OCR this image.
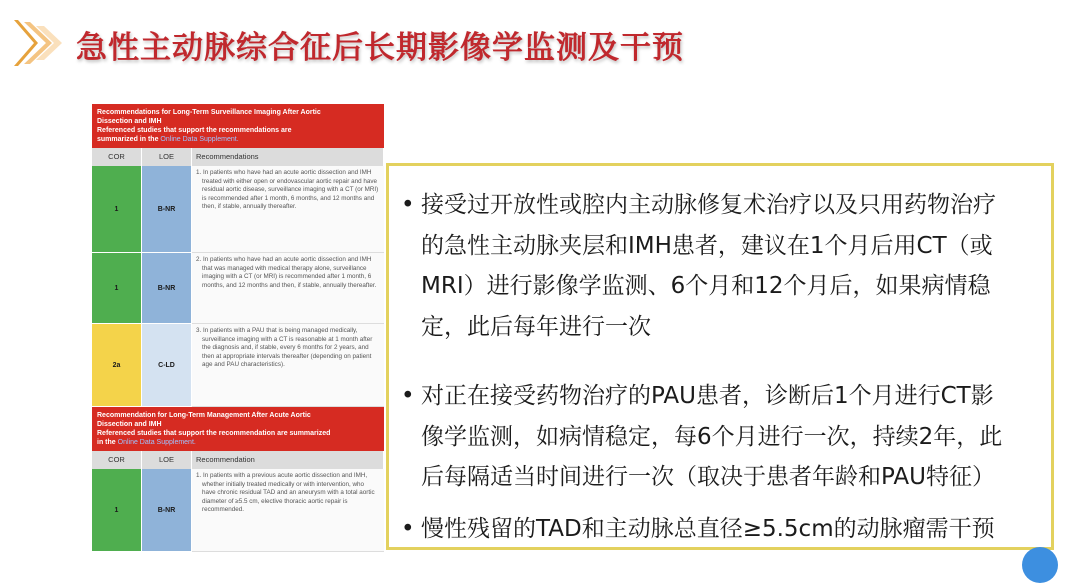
急性主动脉综合征后长期影像学监测及干预
Recommendations for Long-Term Surveillance Imaging After Aortic
Dissection and IMH
Referenced studies that support the recommendations are
summarized in the Online Data Supplement.
COR	LOE	Recommendations
1	B-NR
1. In patients who have had an acute aortic dissection and IMH treated with either open or endovascular aortic repair and have residual aortic disease, surveillance imaging with a CT (or MRI) is recommended after 1 month, 6 months, and 12 months and then, if stable, annually thereafter.
1	B-NR
2. In patients who have had an acute aortic dissection and IMH that was managed with medical therapy alone, surveillance imaging with a CT (or MRI) is recommended after 1 month, 6 months, and 12 months and then, if stable, annually thereafter.
2a	C-LD
3. In patients with a PAU that is being managed medically, surveillance imaging with a CT is reasonable at 1 month after the diagnosis and, if stable, every 6 months for 2 years, and then at appropriate intervals thereafter (depending on patient age and PAU characteristics).
Recommendation for Long-Term Management After Acute Aortic
Dissection and IMH
Referenced studies that support the recommendation are summarized
in the Online Data Supplement.
COR	LOE	Recommendation
1	B-NR
1. In patients with a previous acute aortic dissection and IMH, whether initially treated medically or with intervention, who have chronic residual TAD and an aneurysm with a total aortic diameter of ≥5.5 cm, elective thoracic aortic repair is recommended.
• 接受过开放性或腔内主动脉修复术治疗以及只用药物治疗
的急性主动脉夹层和IMH患者，建议在1个月后用CT（或
MRI）进行影像学监测、6个月和12个月后，如果病情稳
定，此后每年进行一次
• 对正在接受药物治疗的PAU患者，诊断后1个月进行CT影
像学监测，如病情稳定，每6个月进行一次，持续2年，此
后每隔适当时间进行一次（取决于患者年龄和PAU特征）
• 慢性残留的TAD和主动脉总直径≥5.5cm的动脉瘤需干预
